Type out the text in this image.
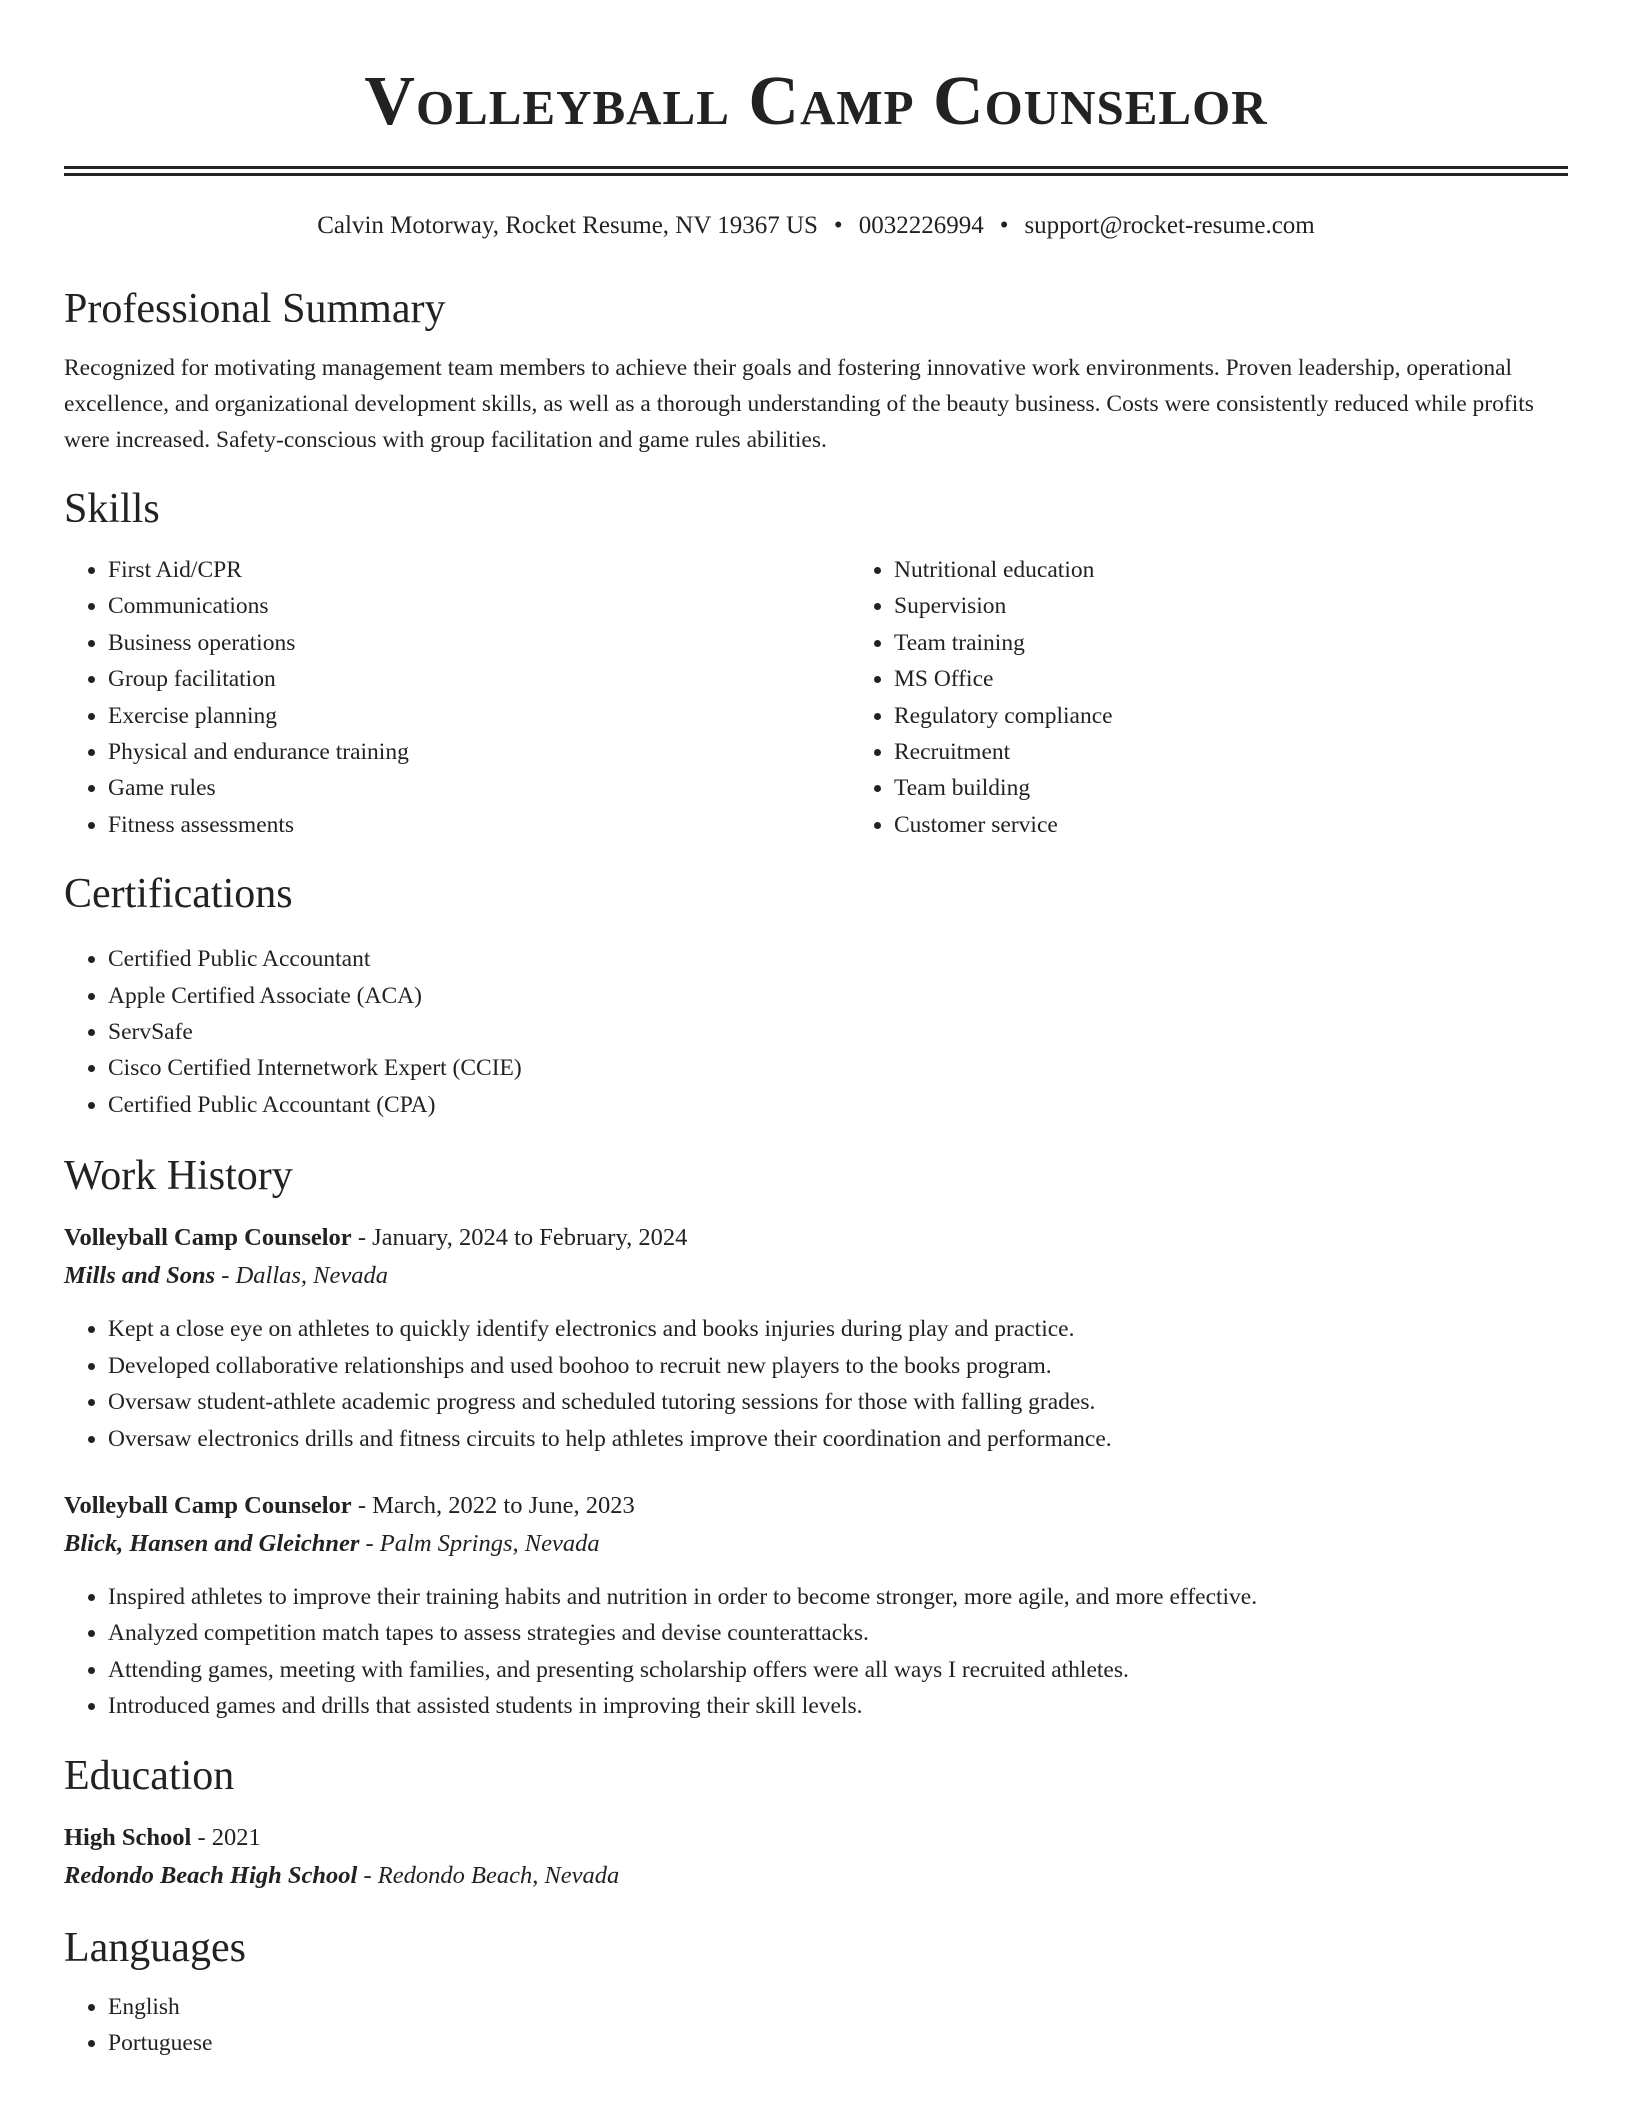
Volleyball Camp Counselor
Calvin Motorway, Rocket Resume, NV 19367 US • 0032226994 • support@rocket-resume.com
Professional Summary

Recognized for motivating management team members to achieve their goals and fostering innovative work environments. Proven leadership, operational excellence, and organizational development skills, as well as a thorough understanding of the beauty business. Costs were consistently reduced while profits were increased. Safety-conscious with group facilitation and game rules abilities.

Skills
• First Aid/CPR
• Communications
• Business operations
• Group facilitation
• Exercise planning
• Physical and endurance training
• Game rules
• Fitness assessments
• Nutritional education
• Supervision
• Team training
• MS Office
• Regulatory compliance
• Recruitment
• Team building
• Customer service
Certifications
• Certified Public Accountant
• Apple Certified Associate (ACA)
• ServSafe
• Cisco Certified Internetwork Expert (CCIE)
• Certified Public Accountant (CPA)
Work History
Volleyball Camp Counselor - January, 2024 to February, 2024
Mills and Sons - Dallas, Nevada
• Kept a close eye on athletes to quickly identify electronics and books injuries during play and practice.
• Developed collaborative relationships and used boohoo to recruit new players to the books program.
• Oversaw student-athlete academic progress and scheduled tutoring sessions for those with falling grades.
• Oversaw electronics drills and fitness circuits to help athletes improve their coordination and performance.
Volleyball Camp Counselor - March, 2022 to June, 2023
Blick, Hansen and Gleichner - Palm Springs, Nevada
• Inspired athletes to improve their training habits and nutrition in order to become stronger, more agile, and more effective.
• Analyzed competition match tapes to assess strategies and devise counterattacks.
• Attending games, meeting with families, and presenting scholarship offers were all ways I recruited athletes.
• Introduced games and drills that assisted students in improving their skill levels.
Education
High School - 2021
Redondo Beach High School - Redondo Beach, Nevada
Languages
• English
• Portuguese
